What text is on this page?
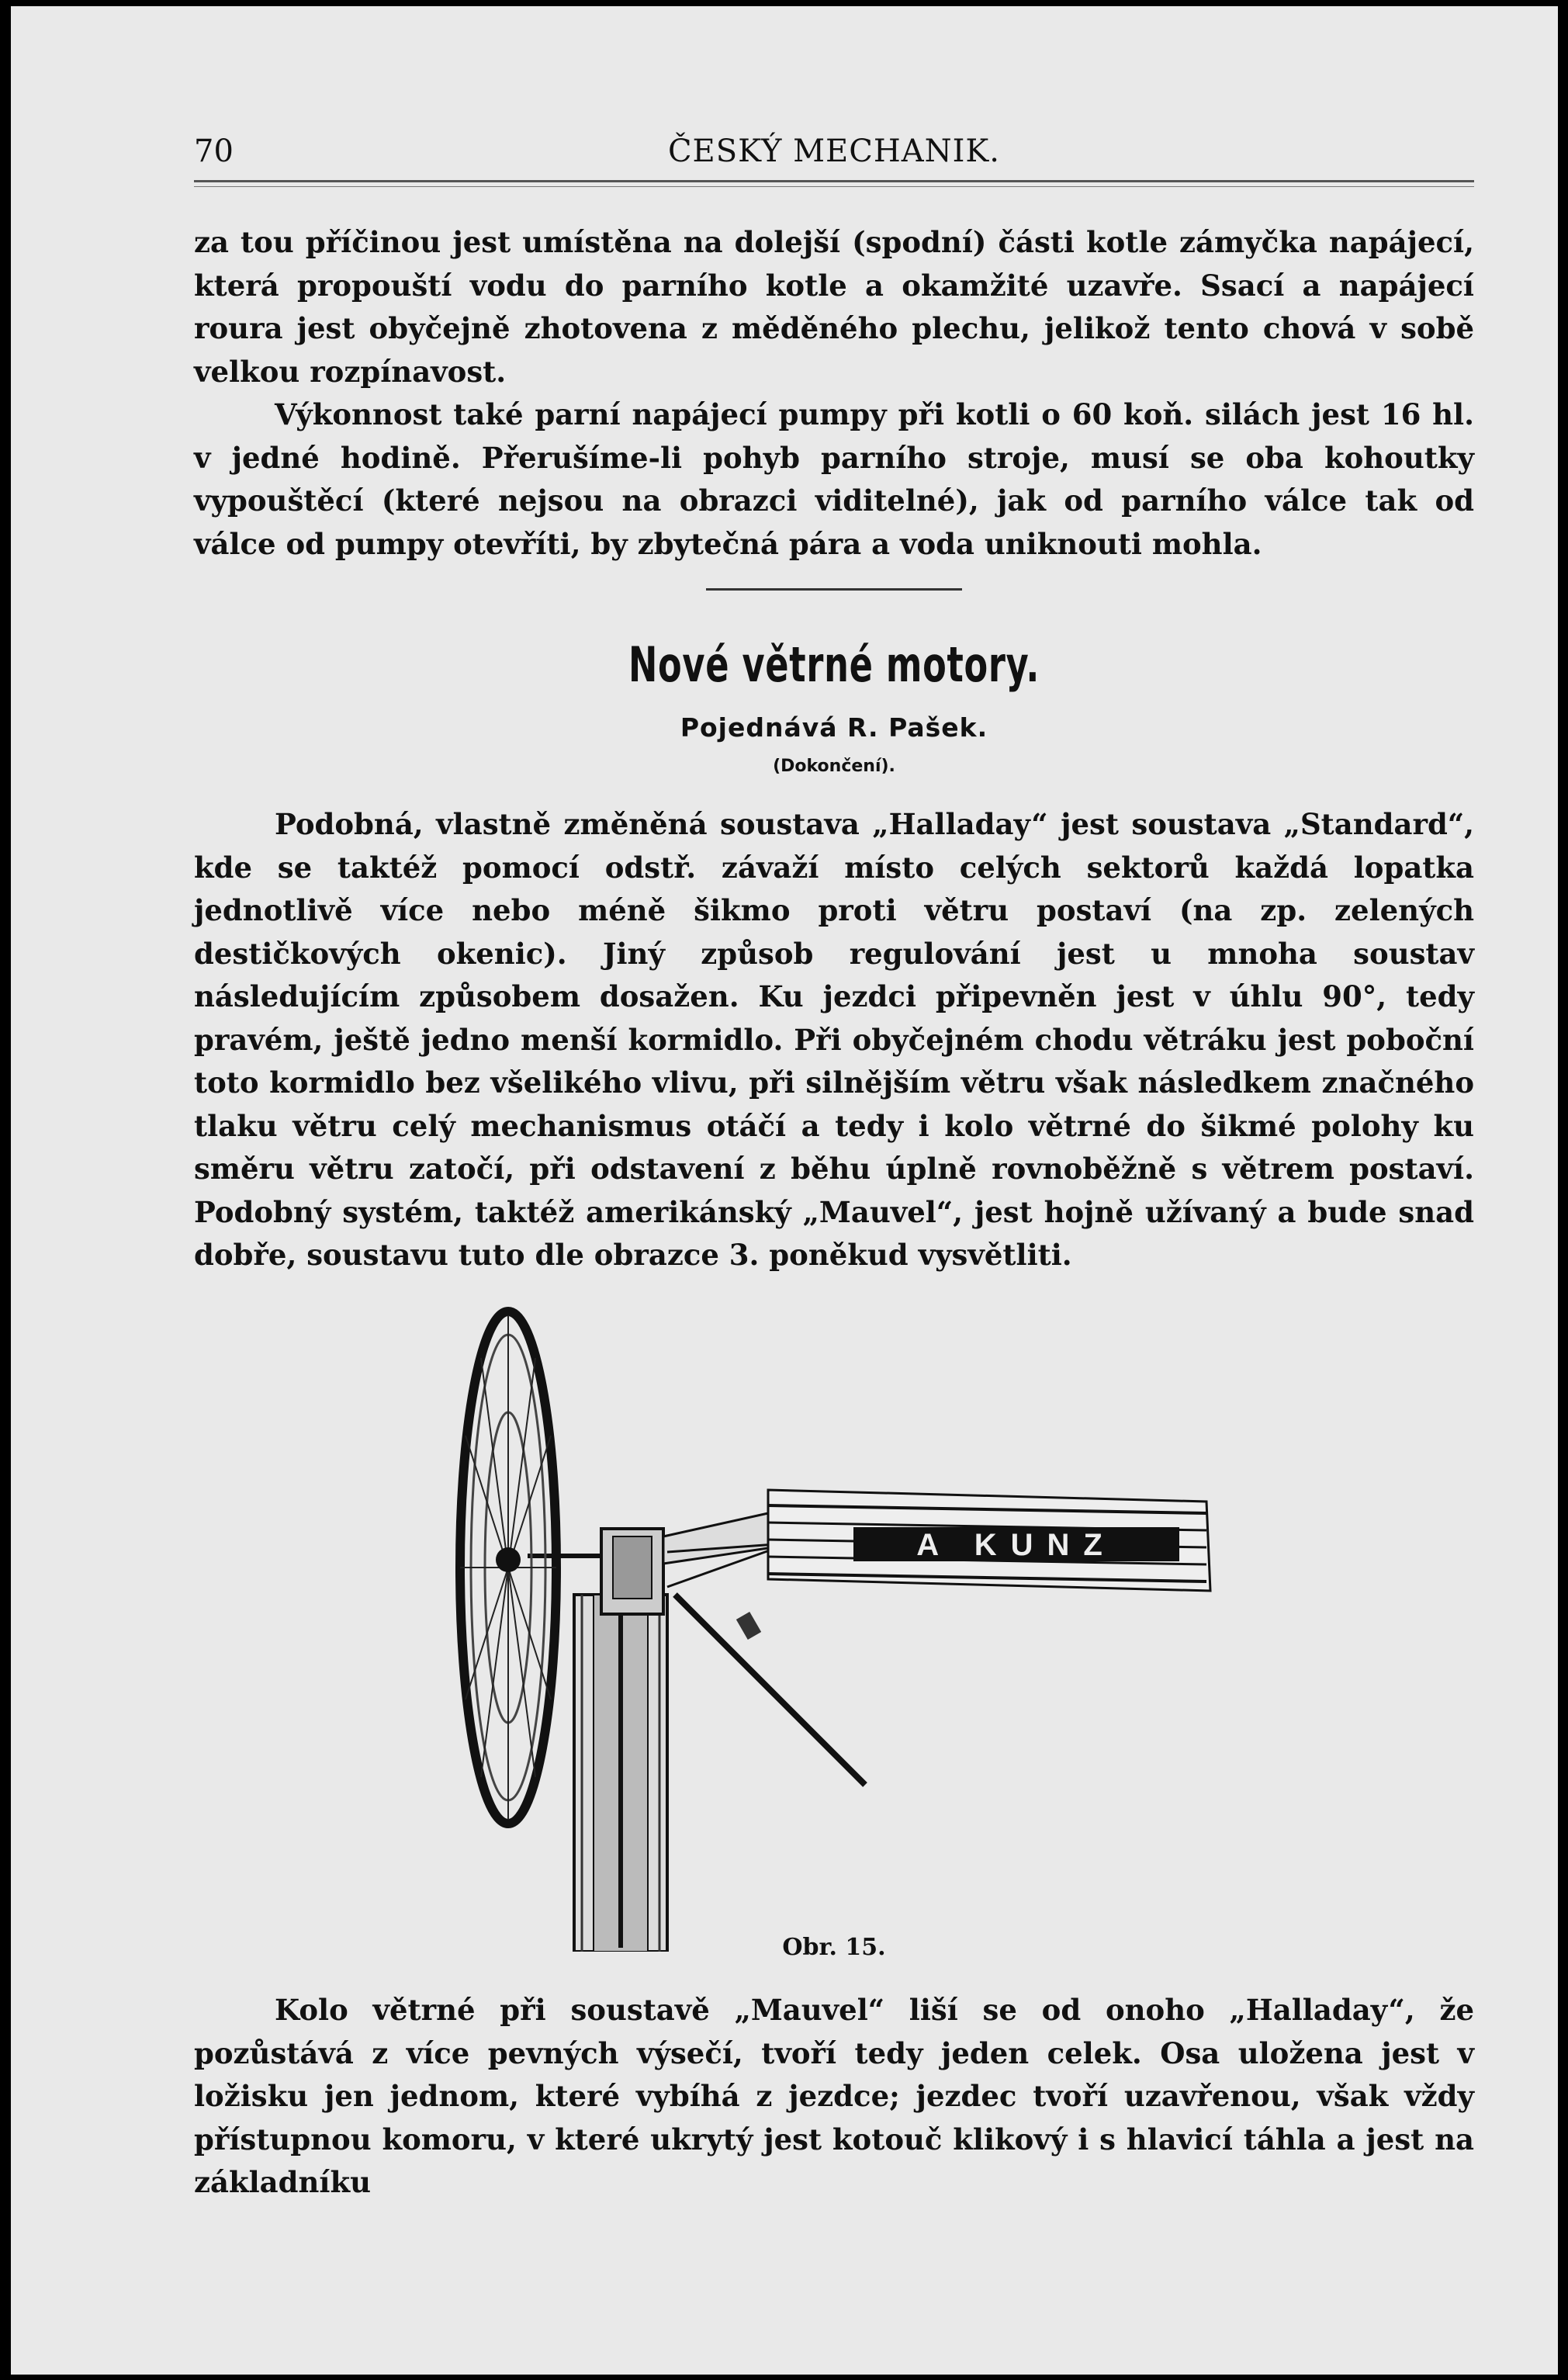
70	ČESKÝ MECHANIK.

za tou příčinou jest umístěna na dolejší (spodní) části kotle zámyčka napájecí, která propouští vodu do parního kotle a okamžité uzavře. Ssací a napájecí roura jest obyčejně zhotovena z měděného plechu, jelikož tento chová v sobě velkou rozpínavost.

Výkonnost také parní napájecí pumpy při kotli o 60 koň. silách jest 16 hl. v jedné hodině. Přerušíme-li pohyb parního stroje, musí se oba kohoutky vypouštěcí (které nejsou na obrazci viditelné), jak od parního válce tak od válce od pumpy otevříti, by zbytečná pára a voda uniknouti mohla.

Nové větrné motory.
Pojednává R. Pašek.
(Dokončení).

Podobná, vlastně změněná soustava „Halladay“ jest soustava „Standard“, kde se taktéž pomocí odstř. závaží místo celých sektorů každá lopatka jednotlivě více nebo méně šikmo proti větru postaví (na zp. zelených destičkových okenic). Jiný způsob regulování jest u mnoha soustav následujícím způsobem dosažen. Ku jezdci připevněn jest v úhlu 90°, tedy pravém, ještě jedno menší kormidlo. Při obyčejném chodu větráku jest poboční toto kormidlo bez všelikého vlivu, při silnějším větru však následkem značného tlaku větru celý mechanismus otáčí a tedy i kolo větrné do šikmé polohy ku směru větru zatočí, při odstavení z běhu úplně rovnoběžně s větrem postaví. Podobný systém, taktéž amerikánský „Mauvel“, jest hojně užívaný a bude snad dobře, soustavu tuto dle obrazce 3. poněkud vysvětliti.

A KUNZ
Obr. 15.

Kolo větrné při soustavě „Mauvel“ liší se od onoho „Halladay“, že pozůstává z více pevných výsečí, tvoří tedy jeden celek. Osa uložena jest v ložisku jen jednom, které vybíhá z jezdce; jezdec tvoří uzavřenou, však vždy přístupnou komoru, v které ukrytý jest kotouč klikový i s hlavicí táhla a jest na základníku
